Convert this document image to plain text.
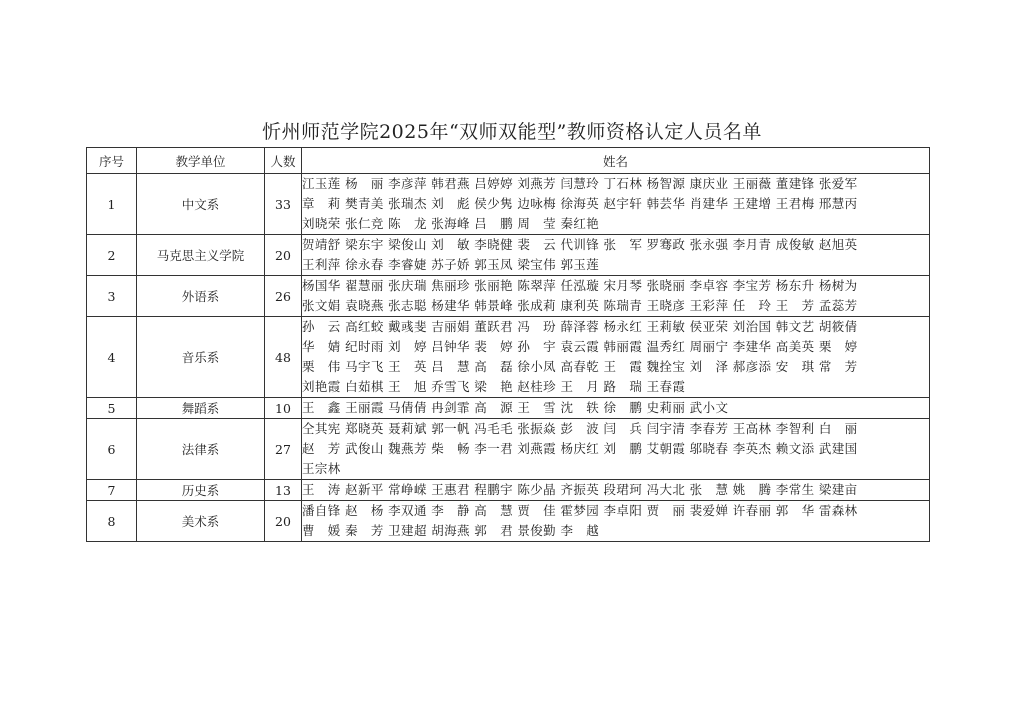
忻州师范学院2025年“双师双能型”教师资格认定人员名单
序号	教学单位	人数	姓名
1	中文系	33	江玉莲 杨　丽 李彦萍 韩君燕 吕婷婷 刘燕芳 闫慧玲 丁石林 杨智源 康庆业 王丽薇 董建锋 张爱军
章　莉 樊青美 张瑞杰 刘　彪 侯少隽 边咏梅 徐海英 赵宇轩 韩芸华 肖建华 王建增 王君梅 邢慧丙
刘晓荣 张仁竞 陈　龙 张海峰 吕　鹏 周　莹 秦红艳

2	马克思主义学院	20	贺靖舒 梁东宇 梁俊山 刘　敏 李晓健 裴　云 代训锋 张　军 罗骞政 张永强 李月青 成俊敏 赵旭英
王利萍 徐永春 李睿婕 苏子娇 郭玉凤 梁宝伟 郭玉莲

3	外语系	26	杨国华 翟慧丽 张庆瑞 焦丽珍 张丽艳 陈翠萍 任泓璇 宋月琴 张晓丽 李卓容 李宝芳 杨东升 杨树为
张文娟 袁晓燕 张志聪 杨建华 韩景峰 张成莉 康利英 陈瑞青 王晓彦 王彩萍 任　玲 王　芳 孟蕊芳

4	音乐系	48	孙　云 高红蛟 戴彧斐 吉丽娟 董跃君 冯　玢 薛泽蓉 杨永红 王莉敏 侯亚荣 刘治国 韩文艺 胡筱倩
华　婧 纪时雨 刘　婷 吕钟华 裴　婷 孙　宇 袁云霞 韩丽霞 温秀红 周丽宁 李建华 高美英 栗　婷
栗　伟 马宇飞 王　英 吕　慧 高　磊 徐小凤 高春乾 王　霞 魏拴宝 刘　泽 郝彦添 安　琪 常　芳
刘艳霞 白茹棋 王　旭 乔雪飞 梁　艳 赵桂珍 王　月 路　瑞 王春霞

5	舞蹈系	10	王　鑫 王丽霞 马倩倩 冉剑霏 高　源 王　雪 沈　轶 徐　鹏 史莉丽 武小文

6	法律系	27	仝其宪 郑晓英 聂莉斌 郭一帆 冯毛毛 张振焱 彭　波 闫　兵 闫宇清 李春芳 王高林 李智利 白　丽
赵　芳 武俊山 魏燕芳 柴　畅 李一君 刘燕霞 杨庆红 刘　鹏 艾朝霞 邬晓春 李英杰 赖文添 武建国
王宗林

7	历史系	13	王　涛 赵新平 常峥嵘 王惠君 程鹏宇 陈少晶 齐振英 段珺珂 冯大北 张　慧 姚　腾 李常生 梁建亩

8	美术系	20	潘自锋 赵　杨 李双通 李　静 高　慧 贾　佳 霍梦园 李卓阳 贾　丽 裴爱婵 许春丽 郭　华 雷森林
曹　媛 秦　芳 卫建超 胡海燕 郭　君 景俊勤 李　越
